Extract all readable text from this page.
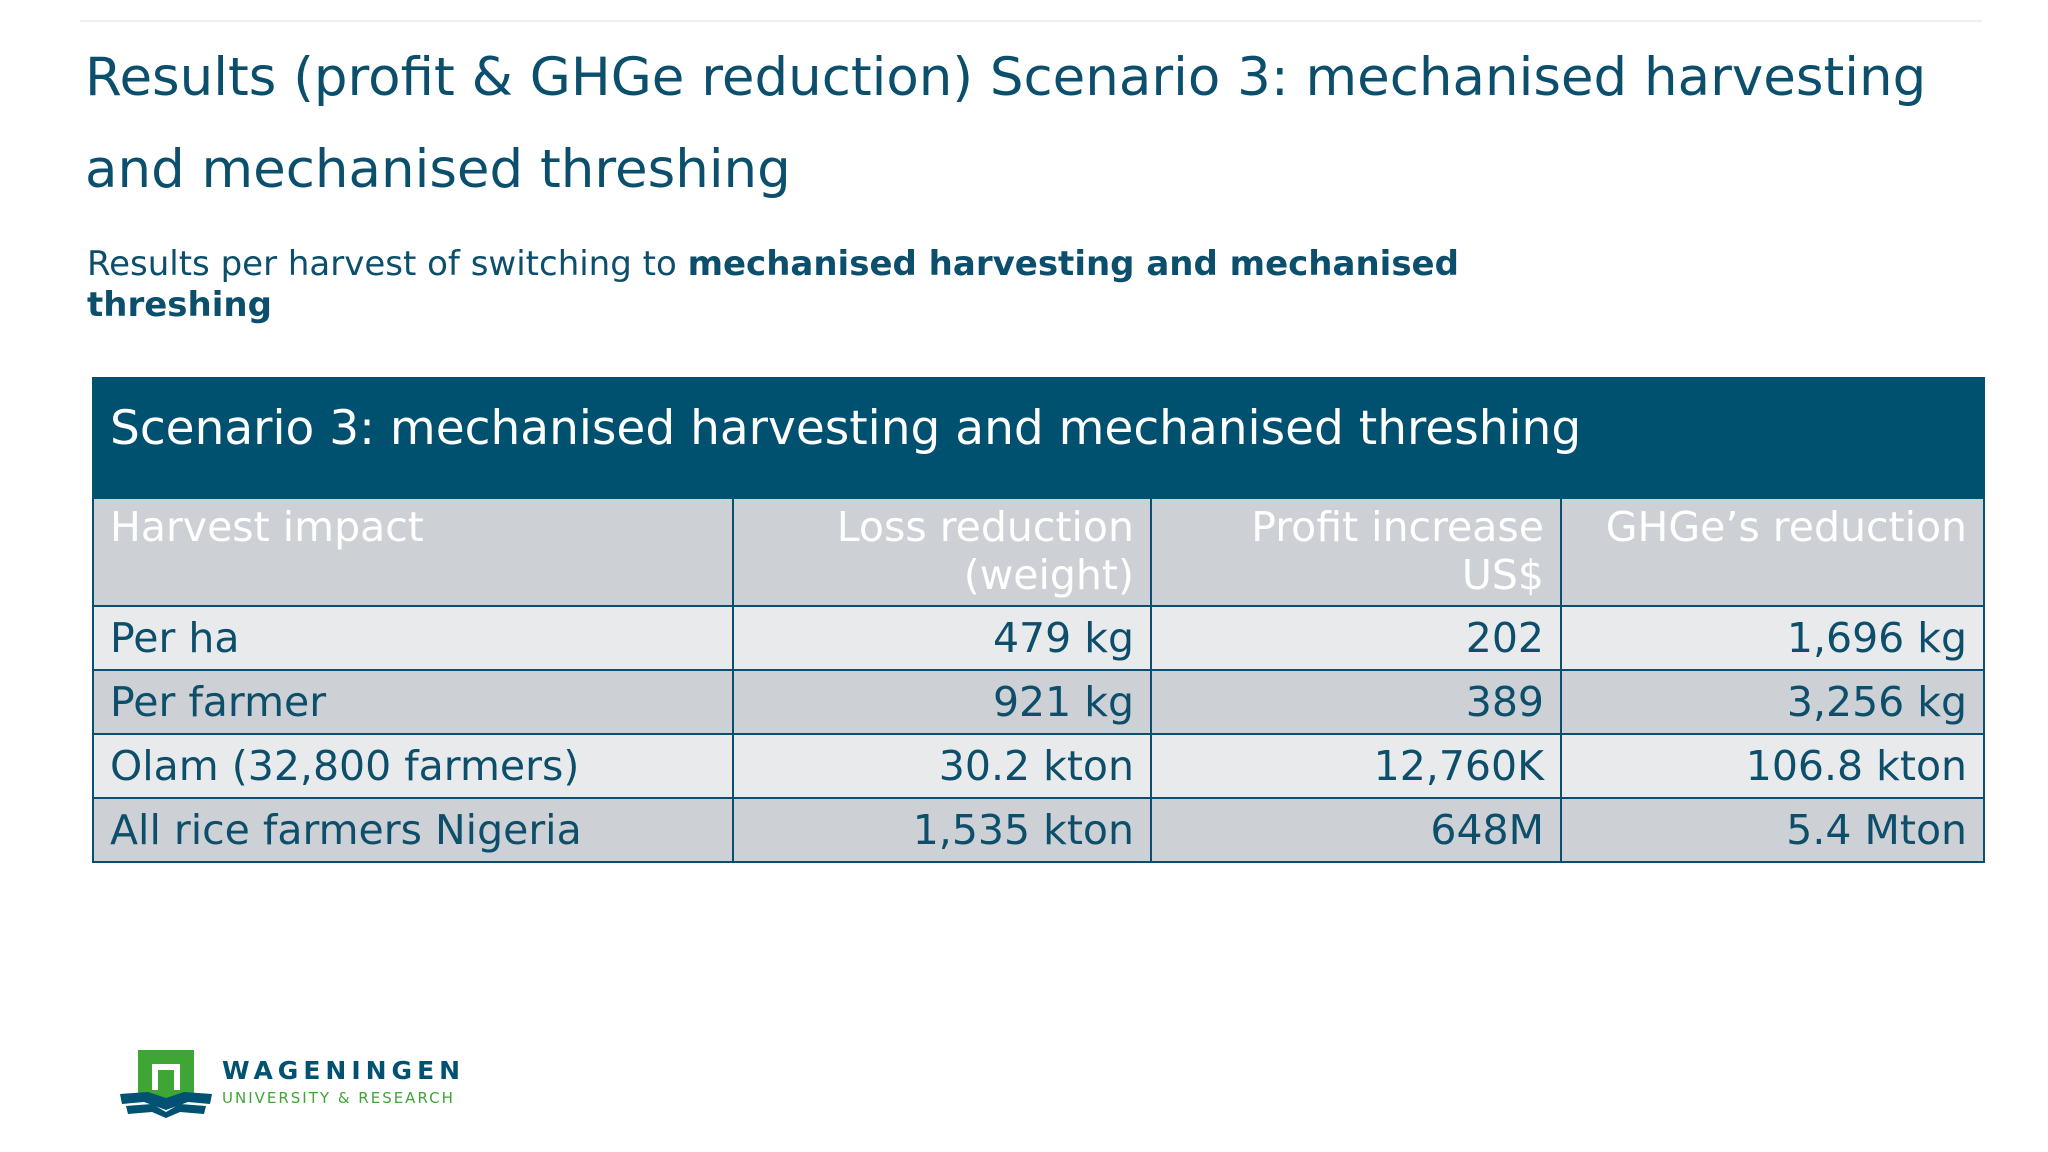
Results (profit & GHGe reduction) Scenario 3: mechanised harvesting and mechanised threshing

Results per harvest of switching to mechanised harvesting and mechanised threshing

Scenario 3: mechanised harvesting and mechanised threshing			
Harvest impact	Loss reduction (weight)	Profit increase US$	GHGe’s reduction
Per ha	479 kg	202	1,696 kg
Per farmer	921 kg	389	3,256 kg
Olam (32,800 farmers)	30.2 kton	12,760K	106.8 kton
All rice farmers Nigeria	1,535 kton	648M	5.4 Mton
WAGENINGEN
UNIVERSITY & RESEARCH
